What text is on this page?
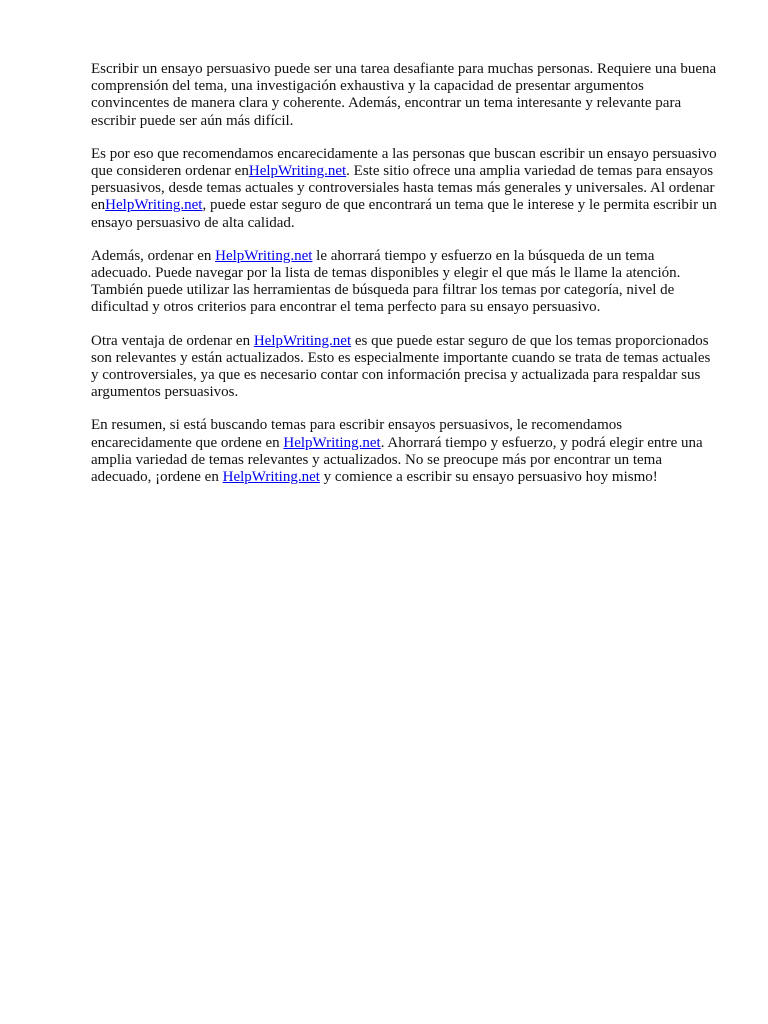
Escribir un ensayo persuasivo puede ser una tarea desafiante para muchas personas. Requiere una buena comprensión del tema, una investigación exhaustiva y la capacidad de presentar argumentos convincentes de manera clara y coherente. Además, encontrar un tema interesante y relevante para escribir puede ser aún más difícil.

Es por eso que recomendamos encarecidamente a las personas que buscan escribir un ensayo persuasivo que consideren ordenar enHelpWriting.net. Este sitio ofrece una amplia variedad de temas para ensayos persuasivos, desde temas actuales y controversiales hasta temas más generales y universales. Al ordenar enHelpWriting.net, puede estar seguro de que encontrará un tema que le interese y le permita escribir un ensayo persuasivo de alta calidad.

Además, ordenar en HelpWriting.net le ahorrará tiempo y esfuerzo en la búsqueda de un tema adecuado. Puede navegar por la lista de temas disponibles y elegir el que más le llame la atención. También puede utilizar las herramientas de búsqueda para filtrar los temas por categoría, nivel de dificultad y otros criterios para encontrar el tema perfecto para su ensayo persuasivo.

Otra ventaja de ordenar en HelpWriting.net es que puede estar seguro de que los temas proporcionados son relevantes y están actualizados. Esto es especialmente importante cuando se trata de temas actuales y controversiales, ya que es necesario contar con información precisa y actualizada para respaldar sus argumentos persuasivos.

En resumen, si está buscando temas para escribir ensayos persuasivos, le recomendamos encarecidamente que ordene en HelpWriting.net. Ahorrará tiempo y esfuerzo, y podrá elegir entre una amplia variedad de temas relevantes y actualizados. No se preocupe más por encontrar un tema adecuado, ¡ordene en HelpWriting.net y comience a escribir su ensayo persuasivo hoy mismo!
